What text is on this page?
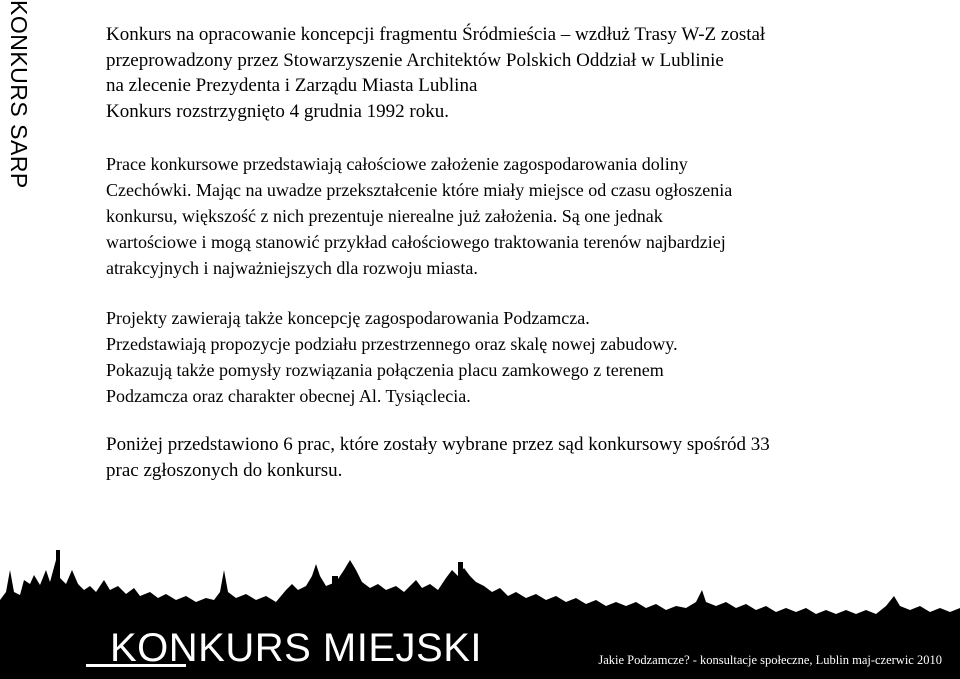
KONKURS SARP	Konkurs na opracowanie koncepcji fragmentu Śródmieścia – wzdłuż Trasy W-Z został
przeprowadzony przez Stowarzyszenie Architektów Polskich Oddział w Lublinie
na zlecenie Prezydenta i Zarządu Miasta Lublina
Konkurs rozstrzygnięto 4 grudnia 1992 roku.
Prace konkursowe przedstawiają całościowe założenie zagospodarowania doliny
Czechówki. Mając na uwadze przekształcenie które miały miejsce od czasu ogłoszenia
konkursu, większość z nich prezentuje nierealne już założenia. Są one jednak
wartościowe i mogą stanowić przykład całościowego traktowania terenów najbardziej
atrakcyjnych i najważniejszych dla rozwoju miasta.
Projekty zawierają także koncepcję zagospodarowania Podzamcza.
Przedstawiają propozycje podziału przestrzennego oraz skalę nowej zabudowy.
Pokazują także pomysły rozwiązania połączenia placu zamkowego z terenem
Podzamcza oraz charakter obecnej Al. Tysiąclecia.
Poniżej przedstawiono 6 prac, które zostały wybrane przez sąd konkursowy spośród 33
prac zgłoszonych do konkursu.
KONKURS MIEJSKI	Jakie Podzamcze? - konsultacje społeczne, Lublin maj-czerwic 2010
